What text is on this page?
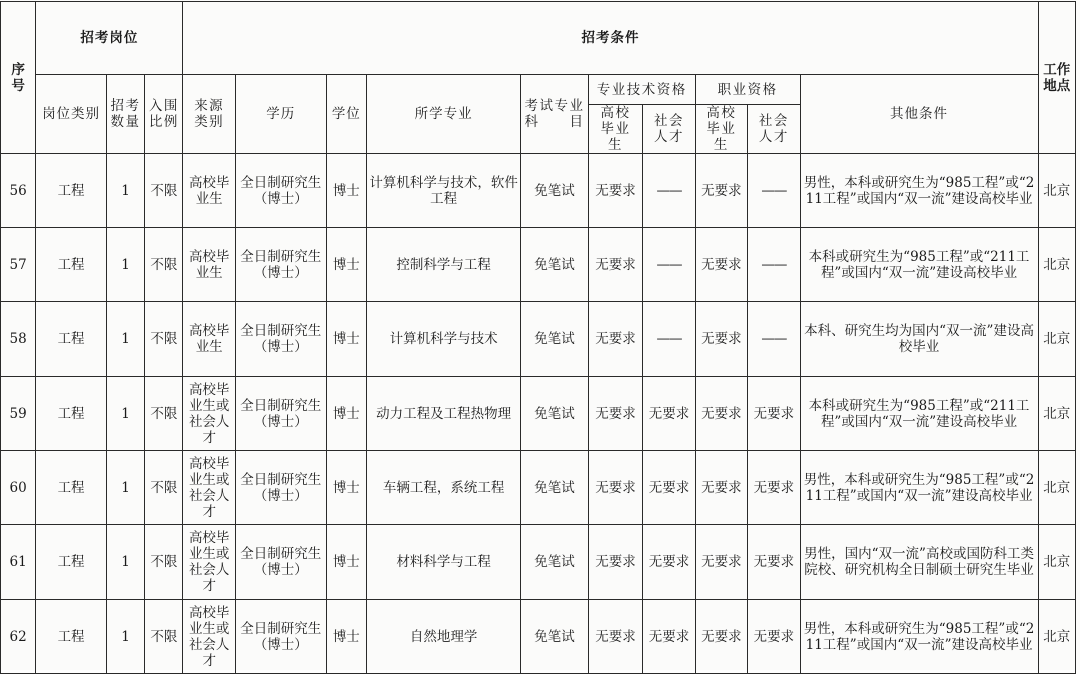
序号	招考岗位			招考条件										工作地点
	岗位类别	招考数量	入围比例	来源类别	学历	学位	所学专业	考试专业科　　目	专业技术资格		职业资格		其他条件	
									高校毕业生	社会人才	高校毕业生	社会人才		
56	工程	1	不限	高校毕业生	全日制研究生（博士）	博士	计算机科学与技术，软件工程	免笔试	无要求	——	无要求	——	男性，本科或研究生为“985工程”或“211工程”或国内“双一流”建设高校毕业	北京
57	工程	1	不限	高校毕业生	全日制研究生（博士）	博士	控制科学与工程	免笔试	无要求	——	无要求	——	本科或研究生为“985工程”或“211工程”或国内“双一流”建设高校毕业	北京
58	工程	1	不限	高校毕业生	全日制研究生（博士）	博士	计算机科学与技术	免笔试	无要求	——	无要求	——	本科、研究生均为国内“双一流”建设高校毕业	北京
59	工程	1	不限	高校毕业生或社会人才	全日制研究生（博士）	博士	动力工程及工程热物理	免笔试	无要求	无要求	无要求	无要求	本科或研究生为“985工程”或“211工程”或国内“双一流”建设高校毕业	北京
60	工程	1	不限	高校毕业生或社会人才	全日制研究生（博士）	博士	车辆工程，系统工程	免笔试	无要求	无要求	无要求	无要求	男性，本科或研究生为“985工程”或“211工程”或国内“双一流”建设高校毕业	北京
61	工程	1	不限	高校毕业生或社会人才	全日制研究生（博士）	博士	材料科学与工程	免笔试	无要求	无要求	无要求	无要求	男性，国内“双一流”高校或国防科工类院校、研究机构全日制硕士研究生毕业	北京
62	工程	1	不限	高校毕业生或社会人才	全日制研究生（博士）	博士	自然地理学	免笔试	无要求	无要求	无要求	无要求	男性，本科或研究生为“985工程”或“211工程”或国内“双一流”建设高校毕业	北京
